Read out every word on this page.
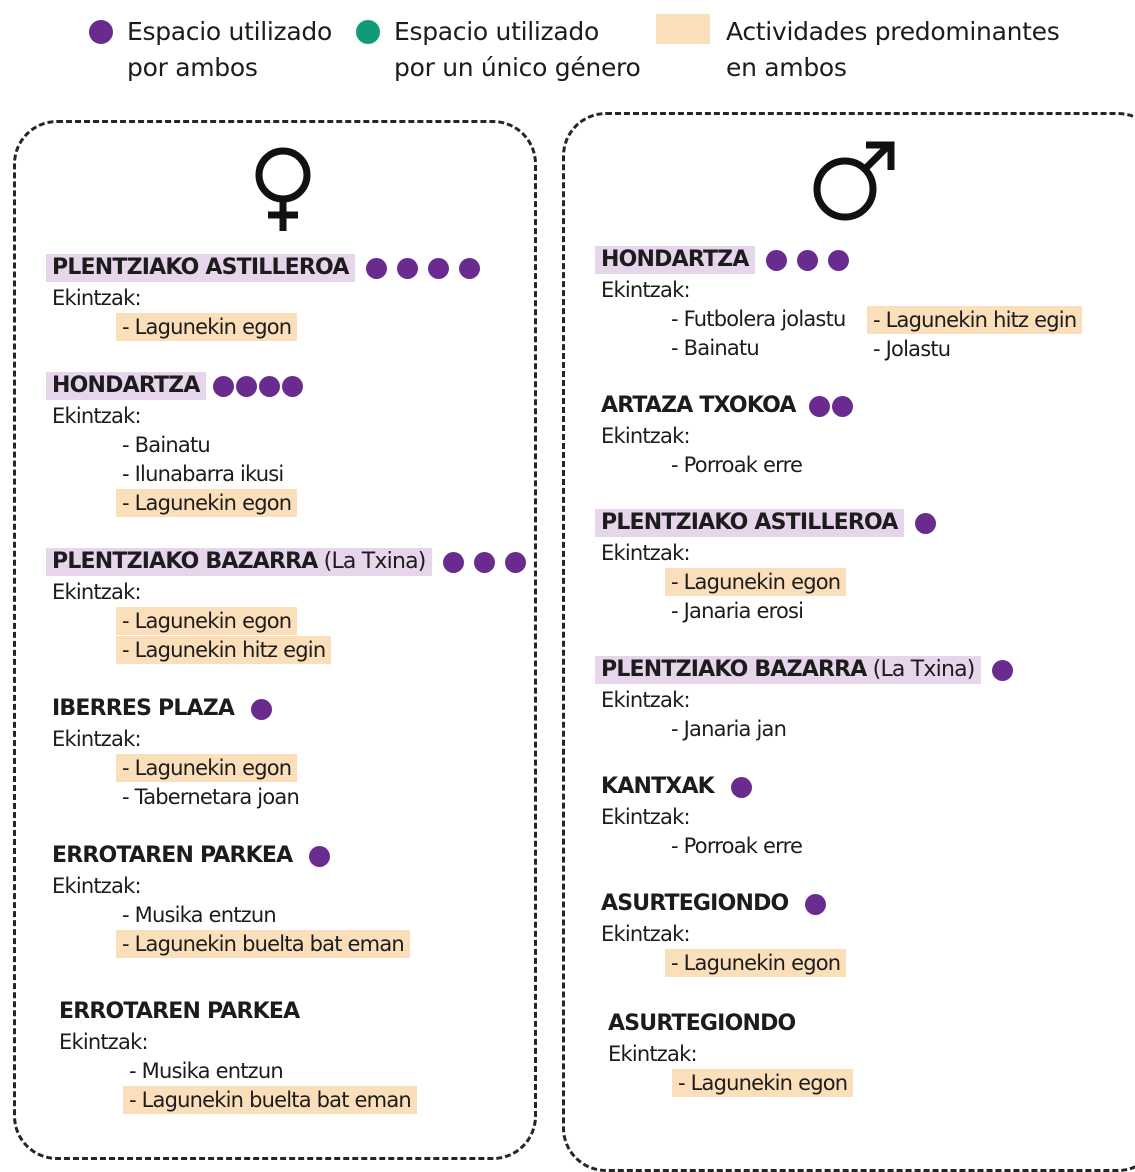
Espacio utilizado
por ambos
Espacio utilizado
por un único género
Actividades predominantes
en ambos
PLENTZIAKO ASTILLEROA
Ekintzak:
- Lagunekin egon
HONDARTZA
Ekintzak:
- Bainatu
- Ilunabarra ikusi
- Lagunekin egon
PLENTZIAKO BAZARRA (La Txina)
Ekintzak:
- Lagunekin egon
- Lagunekin hitz egin
IBERRES PLAZA
Ekintzak:
- Lagunekin egon
- Tabernetara joan
ERROTAREN PARKEA
Ekintzak:
- Musika entzun
- Lagunekin buelta bat eman
ERROTAREN PARKEA
Ekintzak:
- Musika entzun
- Lagunekin buelta bat eman
HONDARTZA
Ekintzak:
- Futbolera jolastu
- Bainatu
- Lagunekin hitz egin
- Jolastu
ARTAZA TXOKOA
Ekintzak:
- Porroak erre
PLENTZIAKO ASTILLEROA
Ekintzak:
- Lagunekin egon
- Janaria erosi
PLENTZIAKO BAZARRA (La Txina)
Ekintzak:
- Janaria jan
KANTXAK
Ekintzak:
- Porroak erre
ASURTEGIONDO
Ekintzak:
- Lagunekin egon
ASURTEGIONDO
Ekintzak:
- Lagunekin egon
